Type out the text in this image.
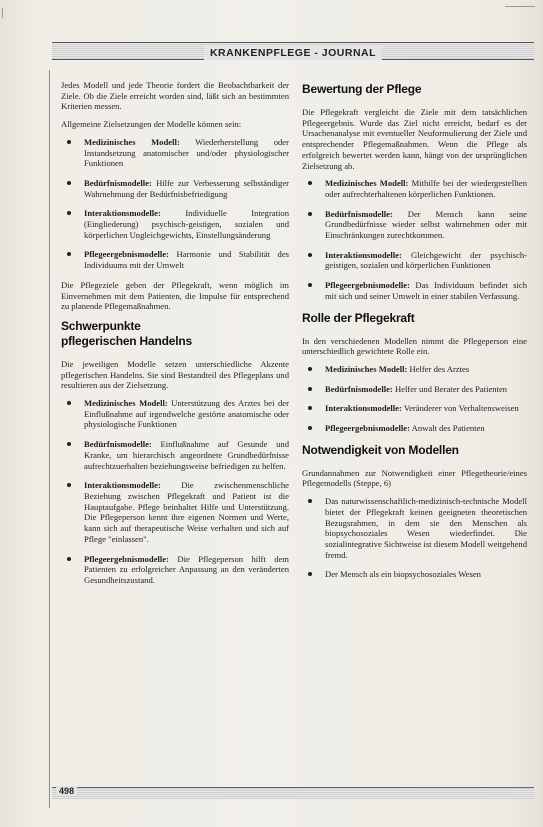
KRANKENPFLEGE - JOURNAL

Jedes Modell und jede Theorie fordert die Beobachtbarkeit der Ziele. Ob die Ziele erreicht worden sind, läßt sich an bestimmten Kriterien messen.

Allgemeine Zielsetzungen der Modelle können sein:

Medizinisches Modell: Wiederherstellung oder Instandsetzung anatomischer und/oder physiologischer Funktionen
Bedürfnismodelle: Hilfe zur Verbesserung selbständiger Wahrnehmung der Bedürfnisbefriedigung
Interaktionsmodelle: Individuelle Integration (Eingliederung) psychisch-geistigen, sozialen und körperlichen Ungleichgewichts, Einstellungsänderung
Pflegeergebnismodelle: Harmonie und Stabilität des Individuums mit der Umwelt

Die Pflegeziele geben der Pflegekraft, wenn möglich im Einvernehmen mit dem Patienten, die Impulse für entsprechend zu planende Pflegemaßnahmen.

Schwerpunkte
pflegerischen Handelns

Die jeweiligen Modelle setzen unterschiedliche Akzente pflegerischen Handelns. Sie sind Bestandteil des Pflegeplans und resultieren aus der Zielsetzung.

Medizinisches Modell: Unterstützung des Arztes bei der Einflußnahme auf irgendwelche gestörte anatomische oder physiologische Funktionen
Bedürfnismodelle: Einflußnahme auf Gesunde und Kranke, um hierarchisch angeordnete Grundbedürfnisse aufrechtzuerhalten beziehungsweise befriedigen zu helfen.
Interaktionsmodelle: Die zwischenmenschliche Beziehung zwischen Pflegekraft und Patient ist die Hauptaufgabe. Pflege beinhaltet Hilfe und Unterstützung. Die Pflegeperson kennt ihre eigenen Normen und Werte, kann sich auf therapeutische Weise verhalten und sich auf Pflege "einlassen".
Pflegeergebnismodelle: Die Pflegeperson hilft dem Patienten zu erfolgreicher Anpassung an den veränderten Gesundheitszustand.
Bewertung der Pflege

Die Pflegekraft vergleicht die Ziele mit dem tatsächlichen Pflegeergebnis. Wurde das Ziel nicht erreicht, bedarf es der Ursachenanalyse mit eventueller Neuformulierung der Ziele und entsprechender Pflegemaßnahmen. Wenn die Pflege als erfolgreich bewertet werden kann, hängt von der ursprünglichen Zielsetzung ab.

Medizinisches Modell: Mithilfe bei der wiedergestellten oder aufrechterhaltenen körperlichen Funktionen.
Bedürfnismodelle: Der Mensch kann seine Grundbedürfnisse wieder selbst wahrnehmen oder mit Einschränkungen zurechtkommen.
Interaktionsmodelle: Gleichgewicht der psychisch-geistigen, sozialen und körperlichen Funktionen
Pflegeergebnismodelle: Das Individuum befindet sich mit sich und seiner Umwelt in einer stabilen Verfassung.
Rolle der Pflegekraft

In den verschiedenen Modellen nimmt die Pflegeperson eine unterschiedlich gewichtete Rolle ein.

Medizinisches Modell: Helfer des Arztes
Bedürfnismodelle: Helfer und Berater des Patienten
Interaktionsmodelle: Veränderer von Verhaltensweisen
Pflegeergebnismodelle: Anwalt des Patienten
Notwendigkeit von Modellen

Grundannahmen zur Notwendigkeit einer Pflegetheorie/eines Pflegemodells (Steppe, 6)

Das naturwissenschaftlich-medizinisch-technische Modell bietet der Pflegekraft keinen geeigneten theoretischen Bezugsrahmen, in dem sie den Menschen als biopsychosoziales Wesen wiederfindet. Die sozialintegrative Sichtweise ist diesem Modell weitgehend fremd.
Der Mensch als ein biopsychosoziales Wesen
498
